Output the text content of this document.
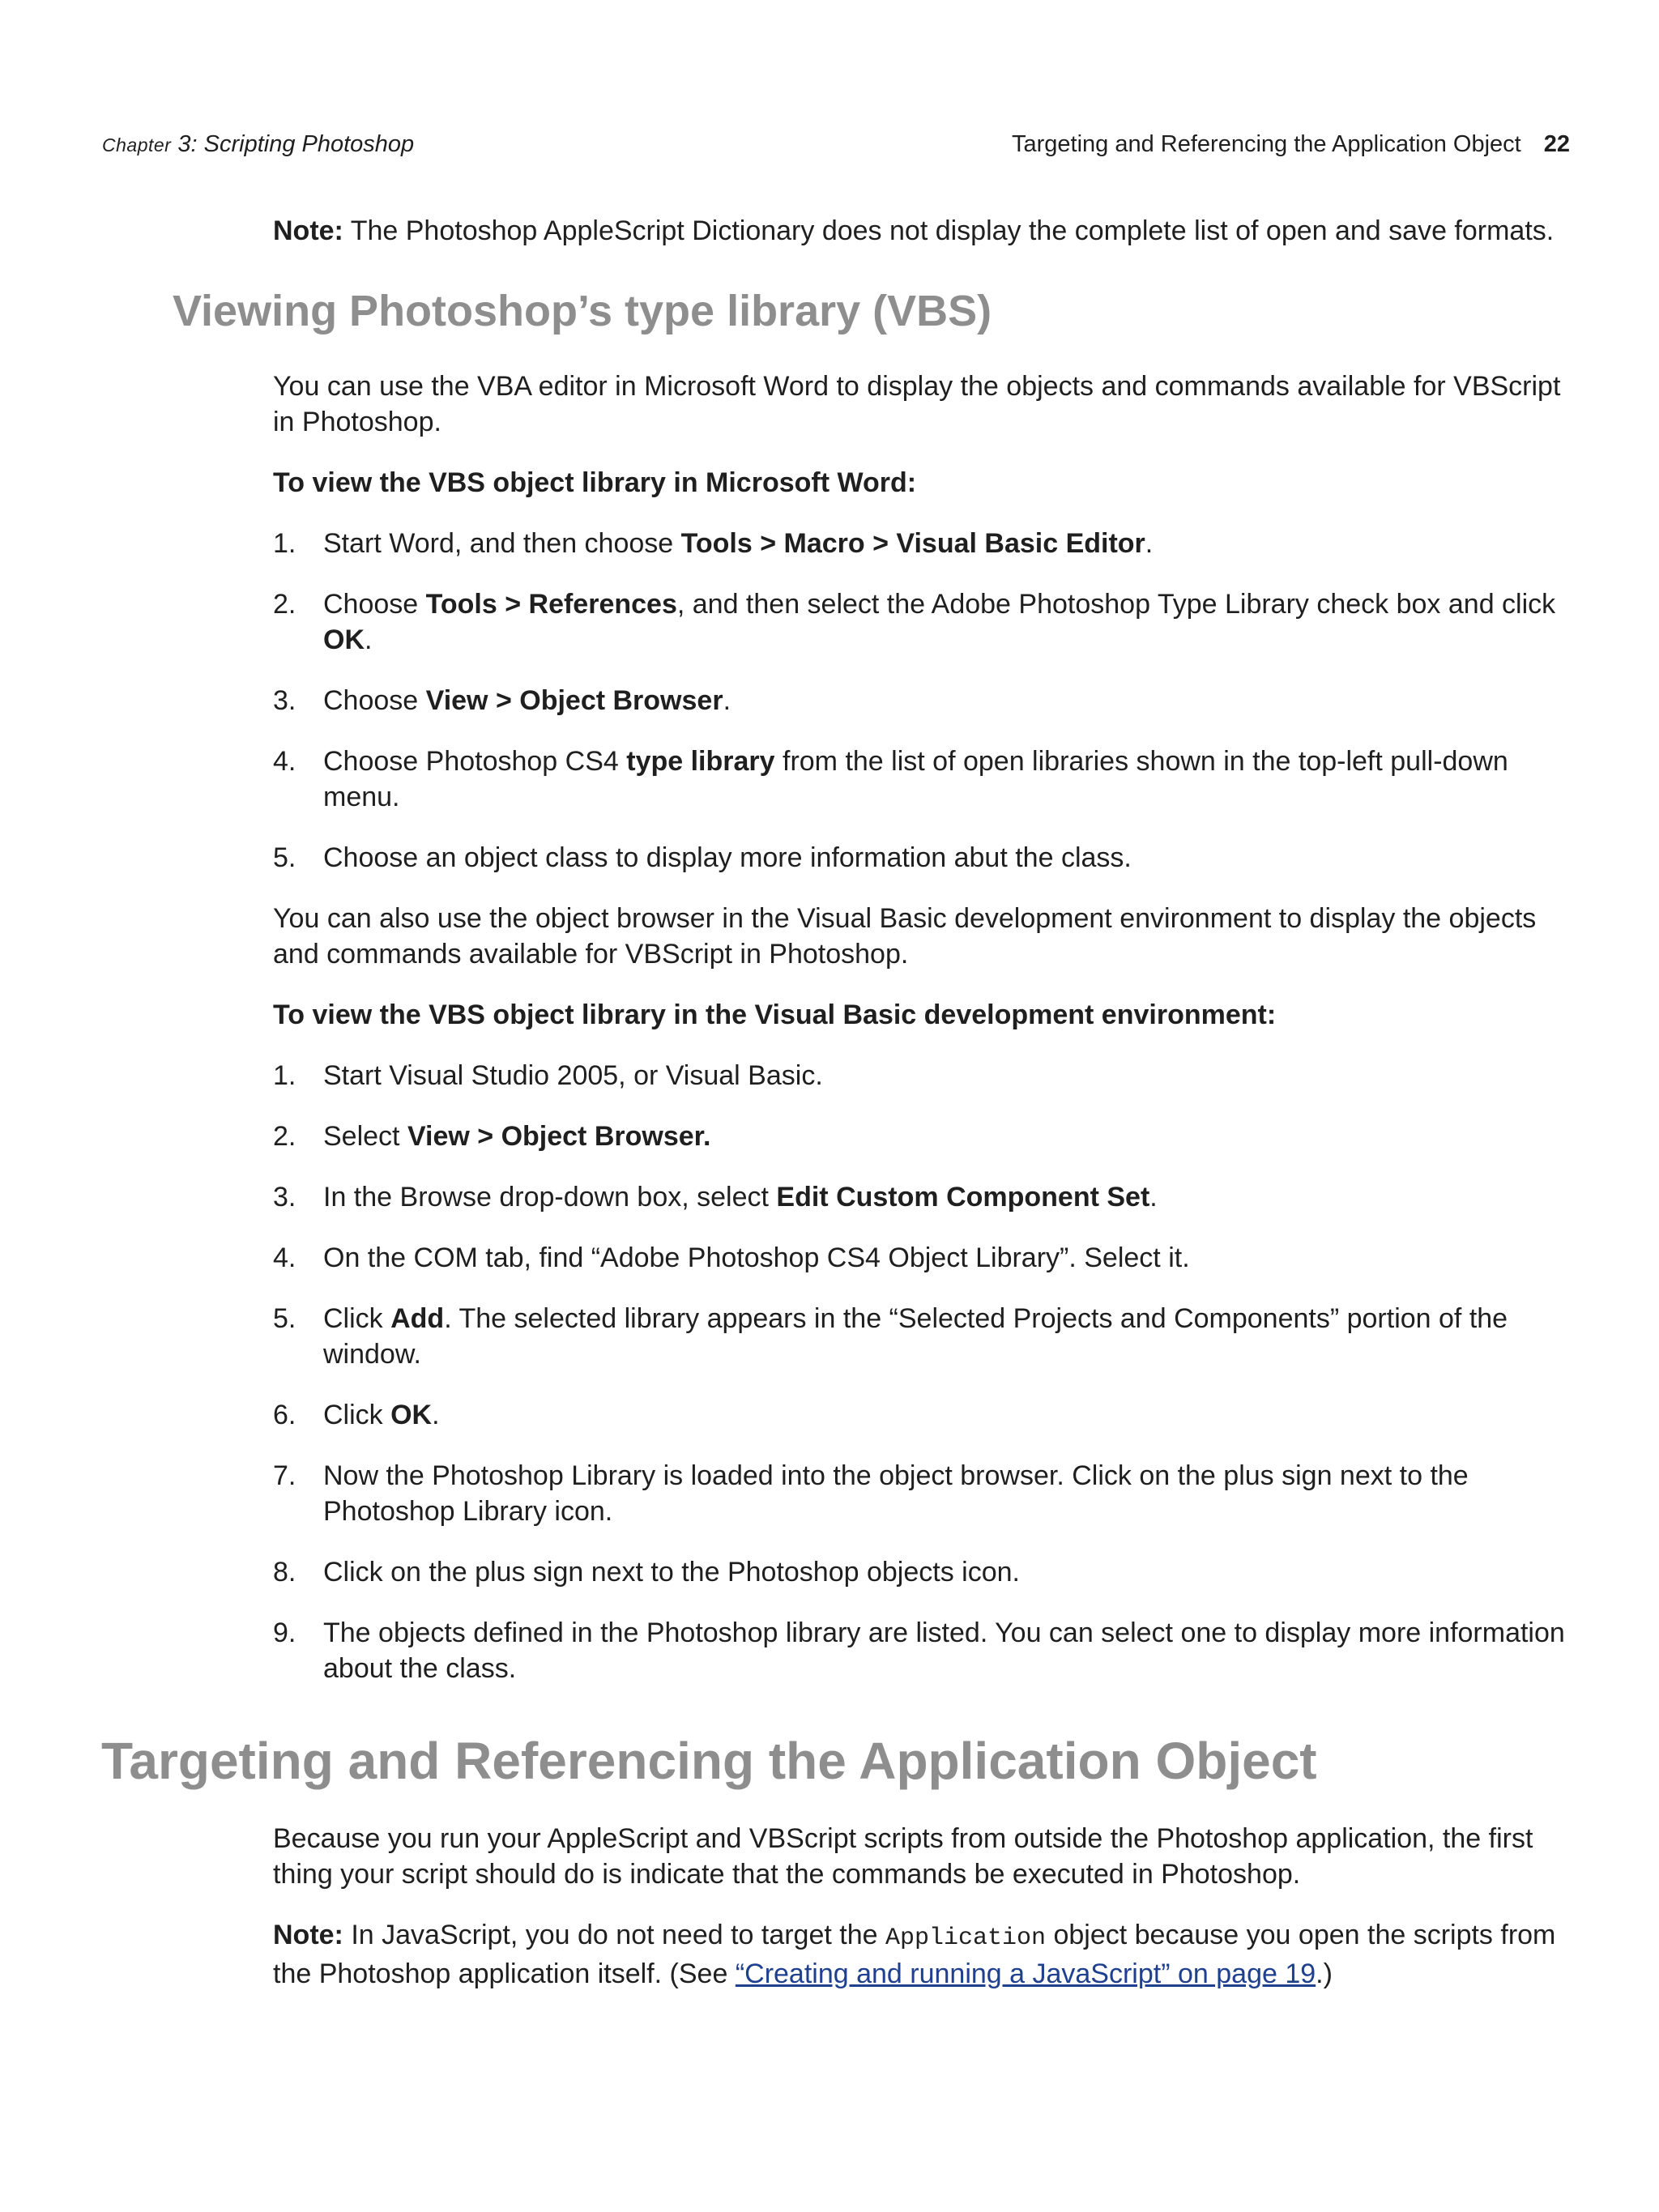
Chapter 3: Scripting Photoshop	Targeting and Referencing the Application Object 22

Note: The Photoshop AppleScript Dictionary does not display the complete list of open and save formats.

Viewing Photoshop’s type library (VBS)

You can use the VBA editor in Microsoft Word to display the objects and commands available for VBScript in Photoshop.

To view the VBS object library in Microsoft Word:
1. Start Word, and then choose Tools > Macro > Visual Basic Editor.
2. Choose Tools > References, and then select the Adobe Photoshop Type Library check box and click OK.
3. Choose View > Object Browser.
4. Choose Photoshop CS4 type library from the list of open libraries shown in the top-left pull-down menu.
5. Choose an object class to display more information abut the class.

You can also use the object browser in the Visual Basic development environment to display the objects and commands available for VBScript in Photoshop.

To view the VBS object library in the Visual Basic development environment:
1. Start Visual Studio 2005, or Visual Basic.
2. Select View > Object Browser.
3. In the Browse drop-down box, select Edit Custom Component Set.
4. On the COM tab, find “Adobe Photoshop CS4 Object Library”. Select it.
5. Click Add. The selected library appears in the “Selected Projects and Components” portion of the window.
6. Click OK.
7. Now the Photoshop Library is loaded into the object browser. Click on the plus sign next to the Photoshop Library icon.
8. Click on the plus sign next to the Photoshop objects icon.
9. The objects defined in the Photoshop library are listed. You can select one to display more information about the class.
Targeting and Referencing the Application Object

Because you run your AppleScript and VBScript scripts from outside the Photoshop application, the first thing your script should do is indicate that the commands be executed in Photoshop.

Note: In JavaScript, you do not need to target the Application object because you open the scripts from the Photoshop application itself. (See “Creating and running a JavaScript” on page 19.)
